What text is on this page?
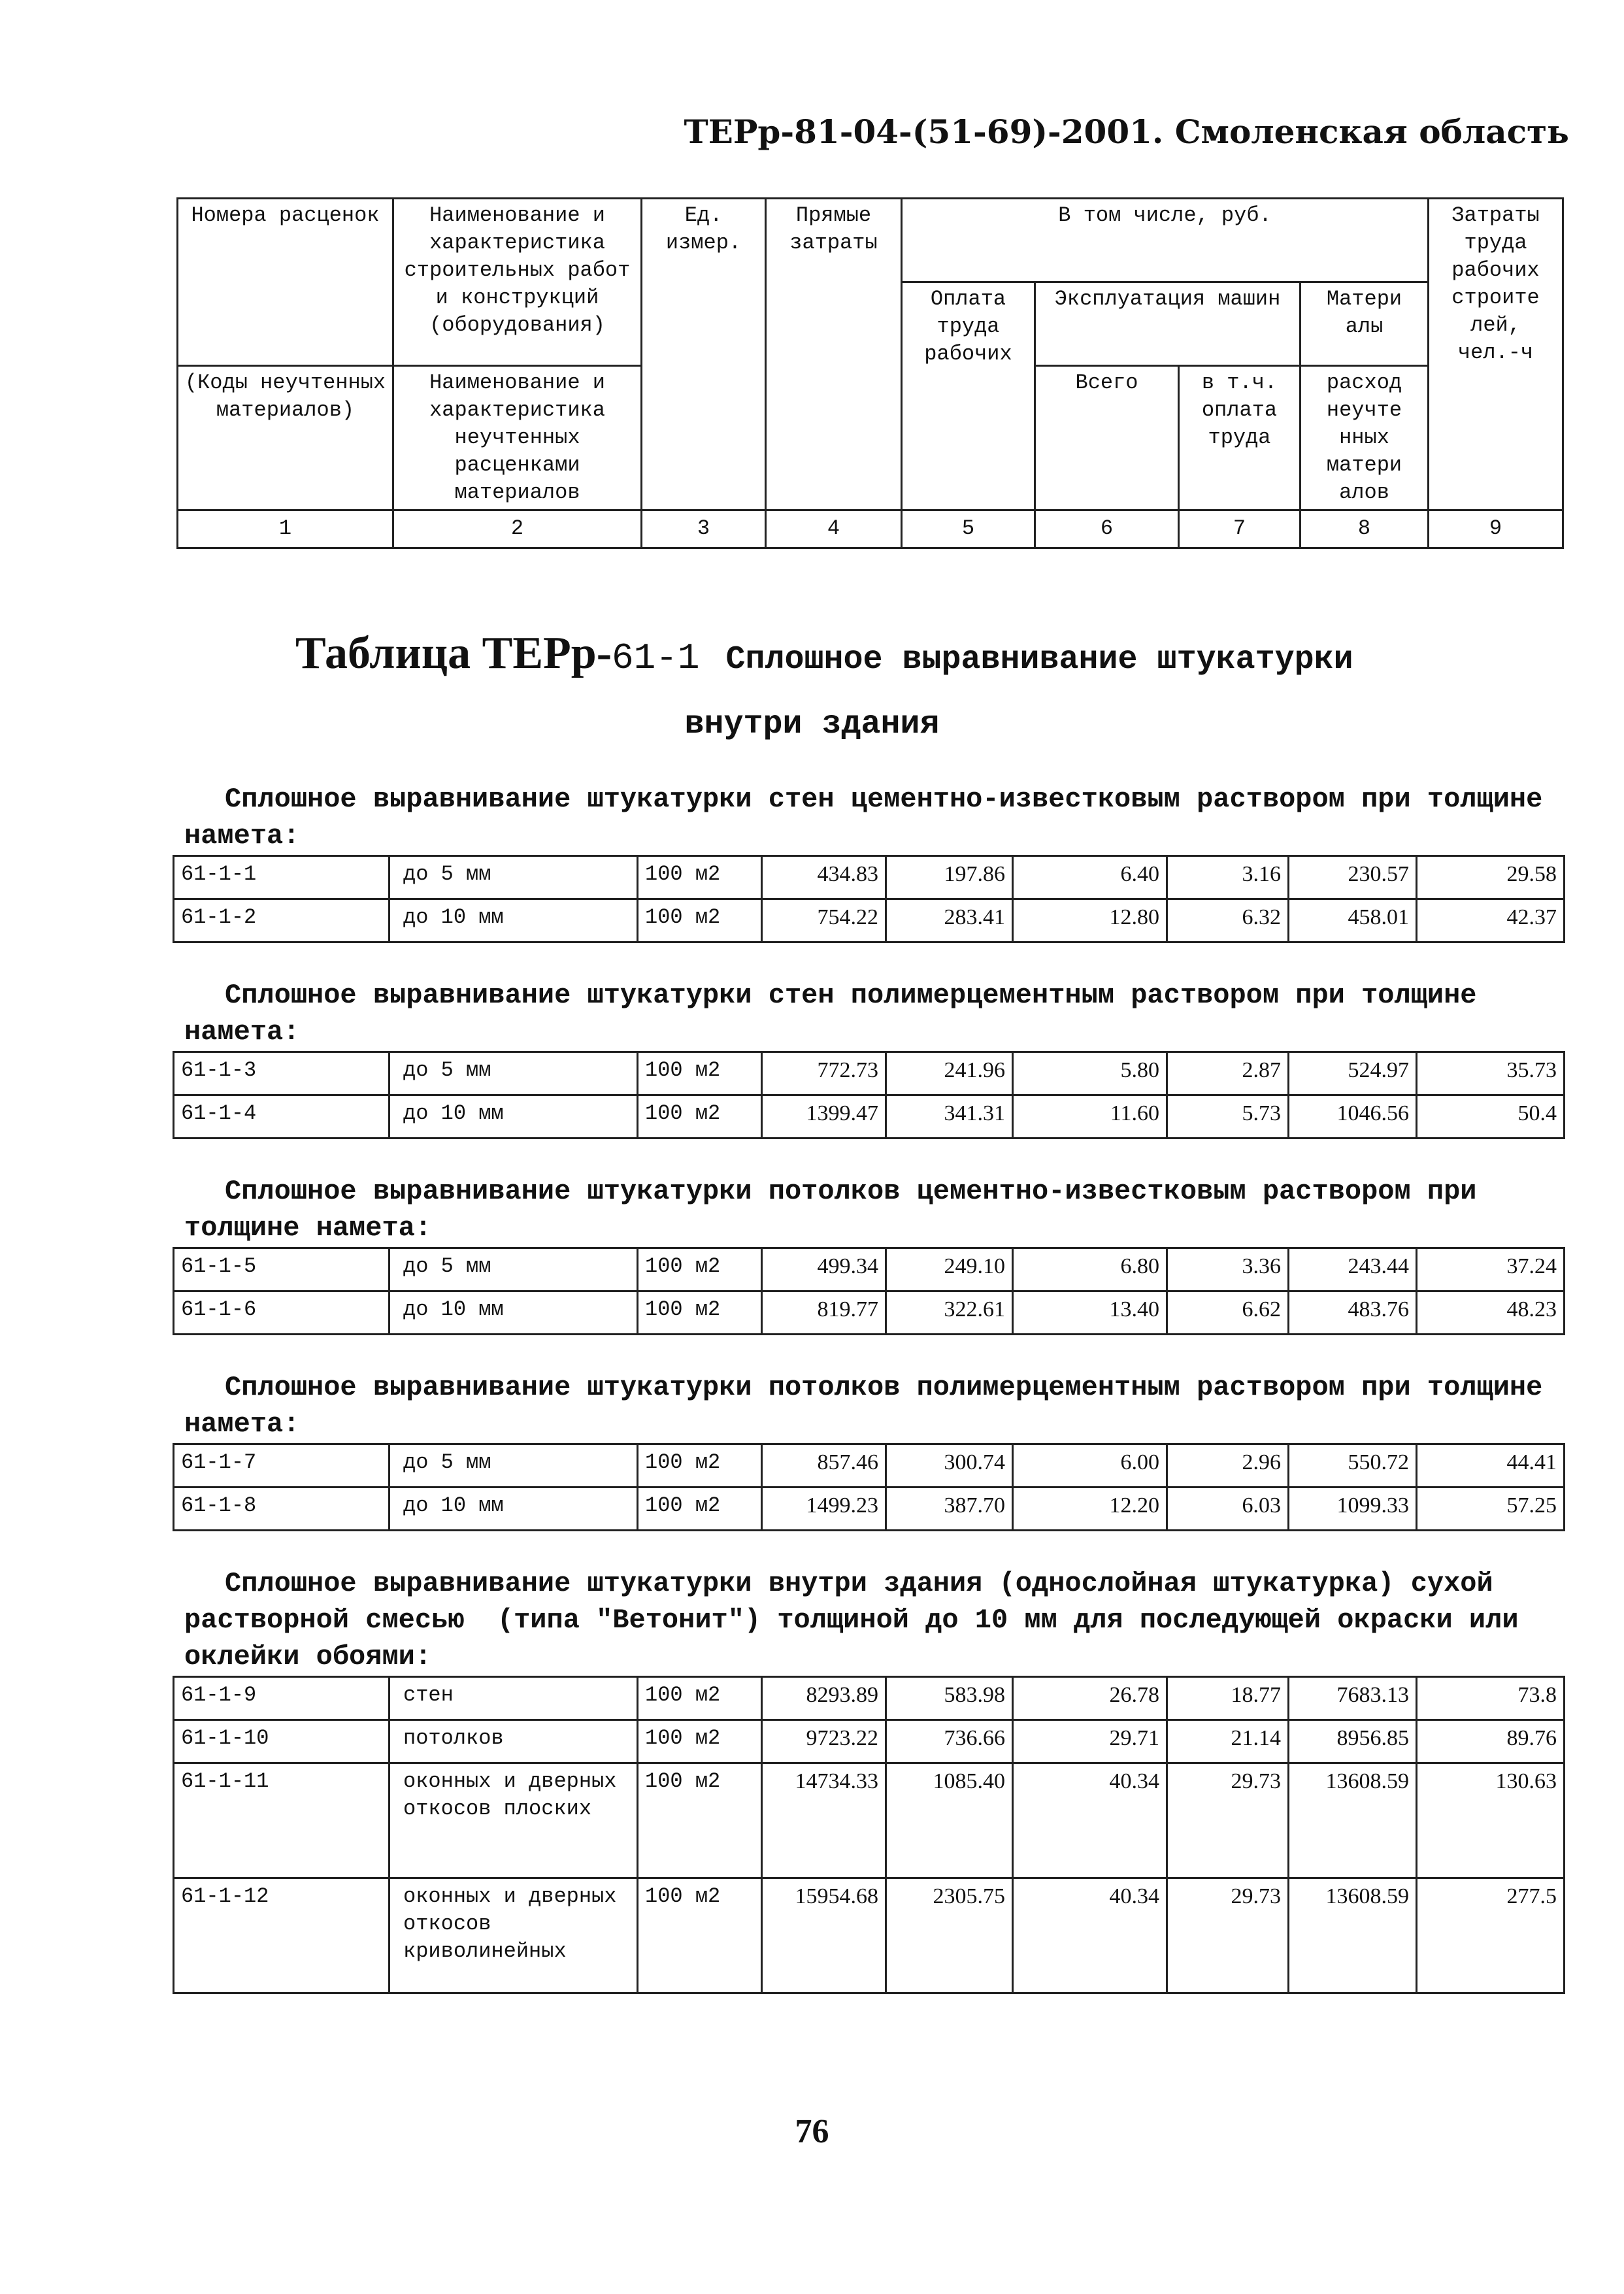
ТЕРр-81-04-(51-69)-2001. Смоленская область
Номера расценок	Наименование и характеристика строительных работ и конструкций (оборудования)	Ед. измер.	Прямые затраты	В том числе, руб.				Затраты труда рабочих строите лей, чел.-ч
				Оплата труда рабочих	Эксплуатация машин		Матери алы	
(Коды неучтенных материалов)	Наименование и характеристика неучтенных расценками материалов				Всего	в т.ч. оплата труда	расход неучте нных матери алов	
1	2	3	4	5	6	7	8	9
Таблица ТЕРр-61-1 Сплошное выравнивание штукатурки
внутри здания
Сплошное выравнивание штукатурки стен цементно-известковым раствором при толщине намета:
61-1-1	до 5 мм	100 м2	434.83	197.86	6.40	3.16	230.57	29.58
61-1-2	до 10 мм	100 м2	754.22	283.41	12.80	6.32	458.01	42.37
Сплошное выравнивание штукатурки стен полимерцементным раствором при толщине намета:
61-1-3	до 5 мм	100 м2	772.73	241.96	5.80	2.87	524.97	35.73
61-1-4	до 10 мм	100 м2	1399.47	341.31	11.60	5.73	1046.56	50.4
Сплошное выравнивание штукатурки потолков цементно-известковым раствором при толщине намета:
61-1-5	до 5 мм	100 м2	499.34	249.10	6.80	3.36	243.44	37.24
61-1-6	до 10 мм	100 м2	819.77	322.61	13.40	6.62	483.76	48.23
Сплошное выравнивание штукатурки потолков полимерцементным раствором при толщине намета:
61-1-7	до 5 мм	100 м2	857.46	300.74	6.00	2.96	550.72	44.41
61-1-8	до 10 мм	100 м2	1499.23	387.70	12.20	6.03	1099.33	57.25
Сплошное выравнивание штукатурки внутри здания (однослойная штукатурка) сухой растворной смесью  (типа "Ветонит") толщиной до 10 мм для последующей окраски или оклейки обоями:
61-1-9	стен	100 м2	8293.89	583.98	26.78	18.77	7683.13	73.8
61-1-10	потолков	100 м2	9723.22	736.66	29.71	21.14	8956.85	89.76
61-1-11	оконных и дверных откосов плоских	100 м2	14734.33	1085.40	40.34	29.73	13608.59	130.63
61-1-12	оконных и дверных откосов криволинейных	100 м2	15954.68	2305.75	40.34	29.73	13608.59	277.5
76
